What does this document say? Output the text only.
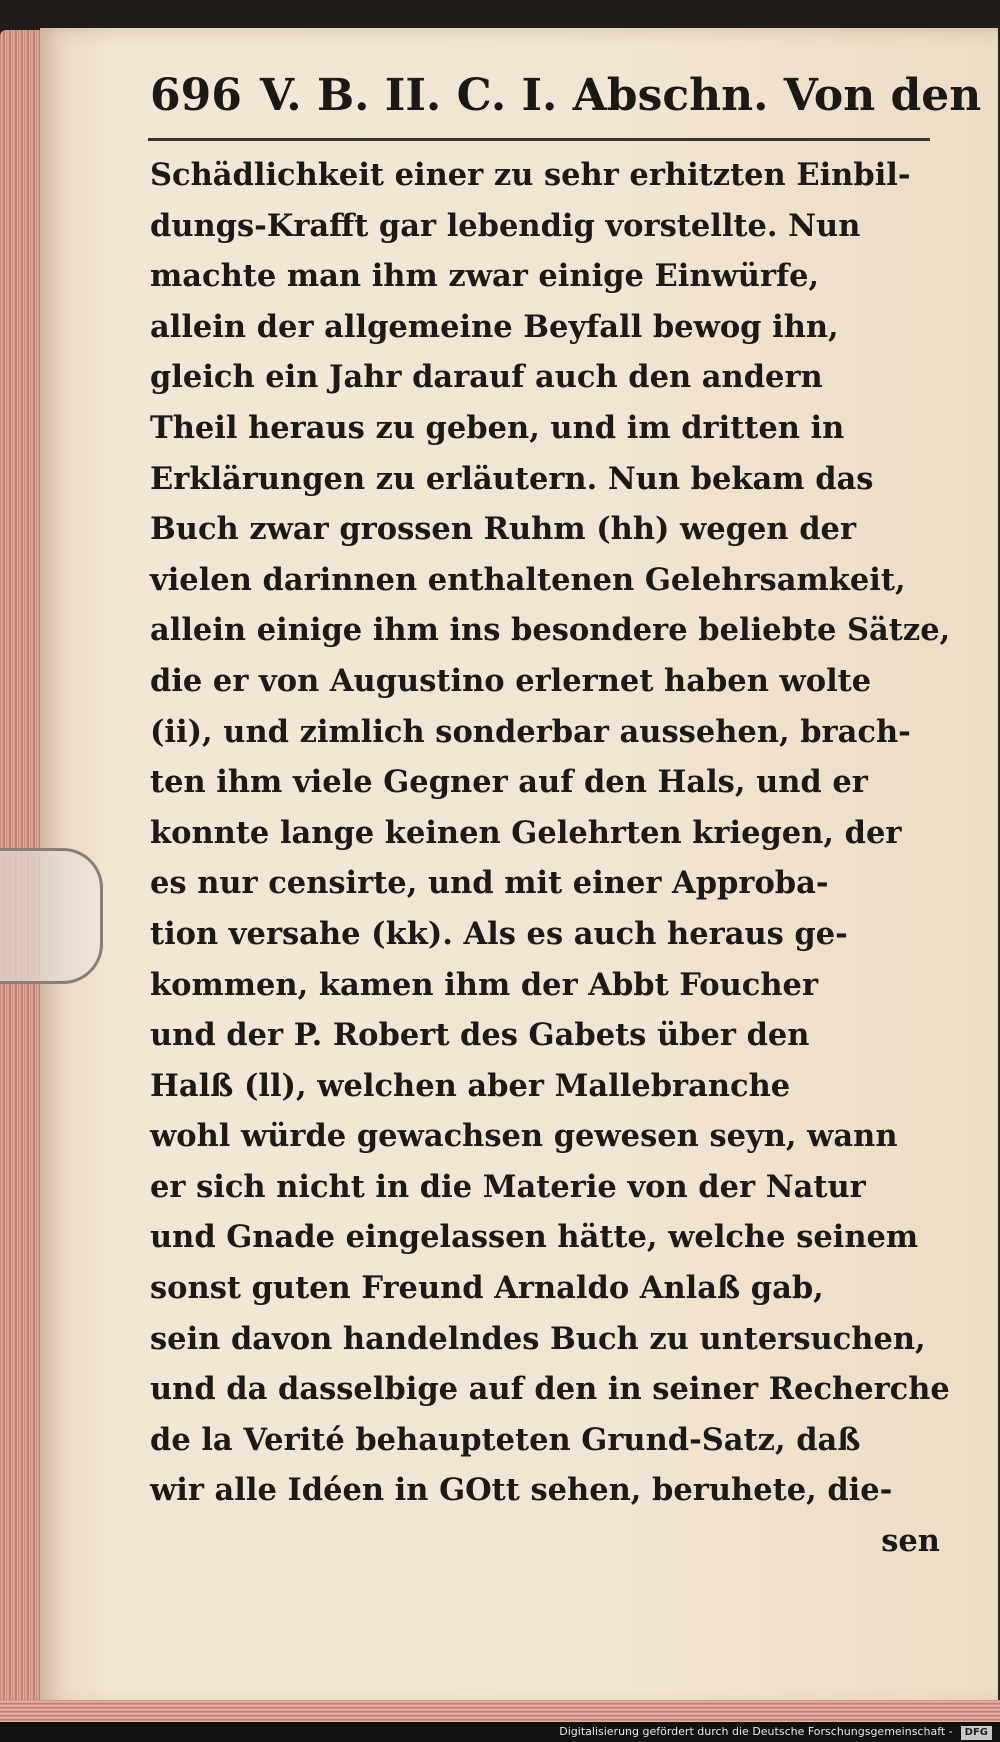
696 V. B. II. C. I. Abschn. Von den
Schädlichkeit einer zu sehr erhitzten Einbil-
dungs-Krafft gar lebendig vorstellte. Nun
machte man ihm zwar einige Einwürfe,
allein der allgemeine Beyfall bewog ihn,
gleich ein Jahr darauf auch den andern
Theil heraus zu geben, und im dritten in
Erklärungen zu erläutern. Nun bekam das
Buch zwar grossen Ruhm (hh) wegen der
vielen darinnen enthaltenen Gelehrsamkeit,
allein einige ihm ins besondere beliebte Sätze,
die er von Augustino erlernet haben wolte
(ii), und zimlich sonderbar aussehen, brach-
ten ihm viele Gegner auf den Hals, und er
konnte lange keinen Gelehrten kriegen, der
es nur censirte, und mit einer Approba-
tion versahe (kk). Als es auch heraus ge-
kommen, kamen ihm der Abbt Foucher
und der P. Robert des Gabets über den
Halß (ll), welchen aber Mallebranche
wohl würde gewachsen gewesen seyn, wann
er sich nicht in die Materie von der Natur
und Gnade eingelassen hätte, welche seinem
sonst guten Freund Arnaldo Anlaß gab,
sein davon handelndes Buch zu untersuchen,
und da dasselbige auf den in seiner Recherche
de la Verité behaupteten Grund-Satz, daß
wir alle Idéen in GOtt sehen, beruhete, die-
sen
Digitalisierung gefördert durch die Deutsche Forschungsgemeinschaft - DFG
